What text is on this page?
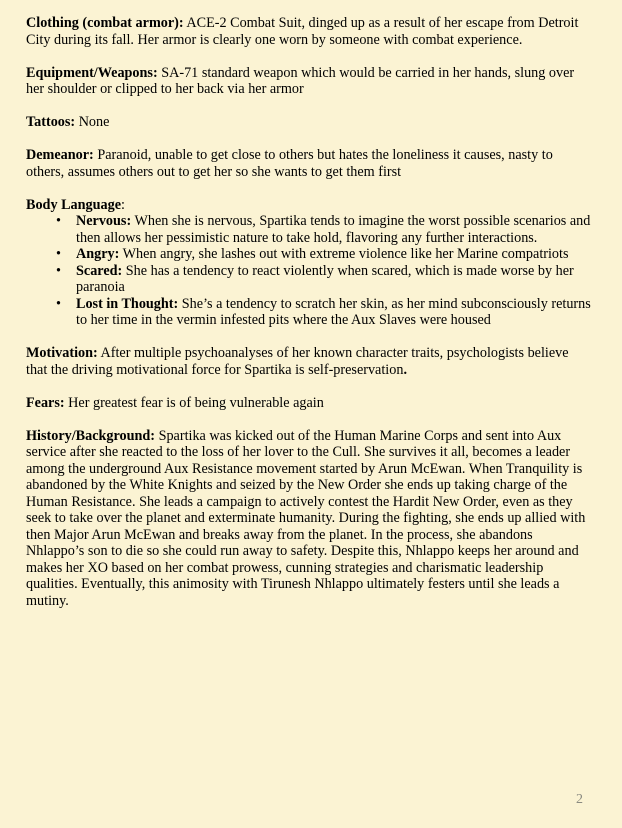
Clothing (combat armor): ACE-2 Combat Suit, dinged up as a result of her escape from Detroit City during its fall. Her armor is clearly one worn by someone with combat experience.

Equipment/Weapons: SA-71 standard weapon which would be carried in her hands, slung over her shoulder or clipped to her back via her armor

Tattoos: None

Demeanor: Paranoid, unable to get close to others but hates the loneliness it causes, nasty to others, assumes others out to get her so she wants to get them first

Body Language:

• Nervous: When she is nervous, Spartika tends to imagine the worst possible scenarios and then allows her pessimistic nature to take hold, flavoring any further interactions.
• Angry: When angry, she lashes out with extreme violence like her Marine compatriots
• Scared: She has a tendency to react violently when scared, which is made worse by her paranoia
• Lost in Thought: She’s a tendency to scratch her skin, as her mind subconsciously returns to her time in the vermin infested pits where the Aux Slaves were housed

Motivation: After multiple psychoanalyses of her known character traits, psychologists believe that the driving motivational force for Spartika is self-preservation.

Fears: Her greatest fear is of being vulnerable again

History/Background: Spartika was kicked out of the Human Marine Corps and sent into Aux service after she reacted to the loss of her lover to the Cull. She survives it all, becomes a leader among the underground Aux Resistance movement started by Arun McEwan. When Tranquility is abandoned by the White Knights and seized by the New Order she ends up taking charge of the Human Resistance. She leads a campaign to actively contest the Hardit New Order, even as they seek to take over the planet and exterminate humanity. During the fighting, she ends up allied with then Major Arun McEwan and breaks away from the planet. In the process, she abandons Nhlappo’s son to die so she could run away to safety. Despite this, Nhlappo keeps her around and makes her XO based on her combat prowess, cunning strategies and charismatic leadership qualities. Eventually, this animosity with Tirunesh Nhlappo ultimately festers until she leads a mutiny.

2
